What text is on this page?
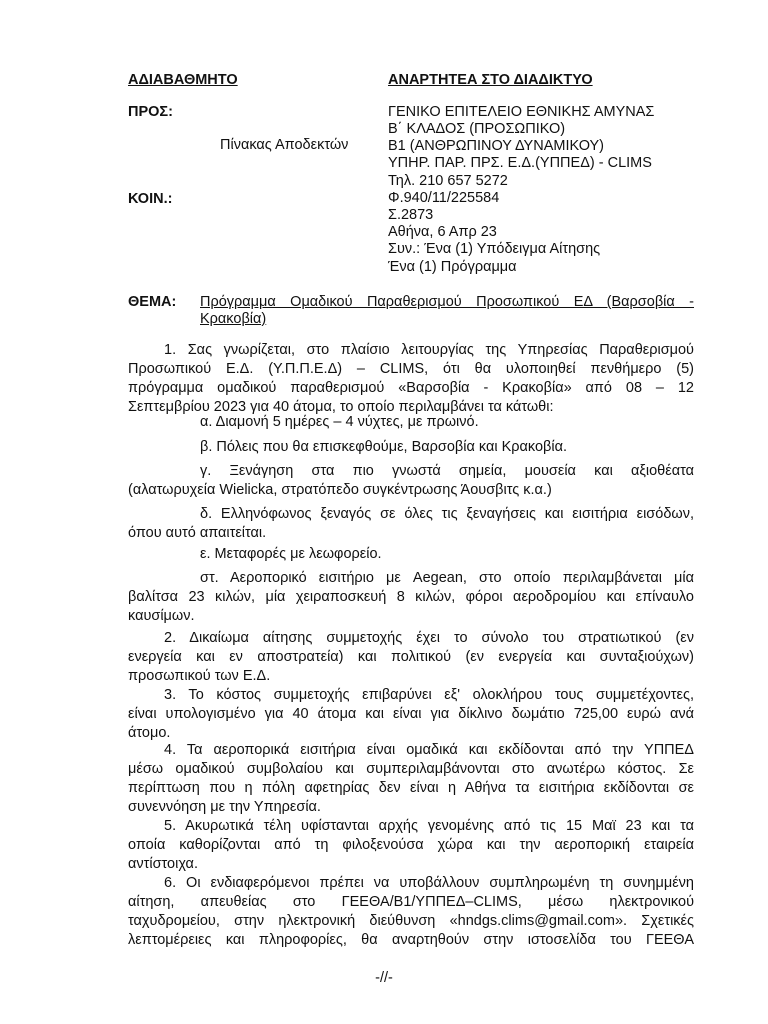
ΑΔΙΑΒΑΘΜΗΤΟ	ΑΝΑΡΤΗΤΕΑ ΣΤΟ ΔΙΑΔΙΚΤΥΟ
ΠΡΟΣ:
Πίνακας Αποδεκτών
ΚΟΙΝ.:
ΓΕΝΙΚΟ ΕΠΙΤΕΛΕΙΟ ΕΘΝΙΚΗΣ ΑΜΥΝΑΣ
Β΄ ΚΛΑΔΟΣ (ΠΡΟΣΩΠΙΚΟ)
Β1 (ΑΝΘΡΩΠΙΝΟΥ ΔΥΝΑΜΙΚΟΥ)
ΥΠΗΡ. ΠΑΡ. ΠΡΣ. Ε.Δ.(ΥΠΠΕΔ) - CLIMS
Τηλ. 210 657 5272
Φ.940/11/225584
Σ.2873
Αθήνα, 6 Απρ 23
Συν.: Ένα (1) Υπόδειγμα Αίτησης
Ένα (1) Πρόγραμμα
ΘΕΜΑ: Πρόγραμμα Ομαδικού Παραθερισμού Προσωπικού ΕΔ (Βαρσοβία -
Κρακοβία)
1. Σας γνωρίζεται, στο πλαίσιο λειτουργίας της Υπηρεσίας Παραθερισμού
Προσωπικού Ε.Δ. (Υ.Π.Π.Ε.Δ) – CLIMS, ότι θα υλοποιηθεί πενθήμερο (5)
πρόγραμμα ομαδικού παραθερισμού «Βαρσοβία - Κρακοβία» από 08 – 12
Σεπτεμβρίου 2023 για 40 άτομα, το οποίο περιλαμβάνει τα κάτωθι:
α. Διαμονή 5 ημέρες – 4 νύχτες, με πρωινό.
β. Πόλεις που θα επισκεφθούμε, Βαρσοβία και Κρακοβία.
γ. Ξενάγηση στα πιο γνωστά σημεία, μουσεία και αξιοθέατα
(αλατωρυχεία Wielicka, στρατόπεδο συγκέντρωσης Άουσβιτς κ.α.)
δ. Ελληνόφωνος ξεναγός σε όλες τις ξεναγήσεις και εισιτήρια εισόδων,
όπου αυτό απαιτείται.
ε. Μεταφορές με λεωφορείο.
στ. Αεροπορικό εισιτήριο με Aegean, στο οποίο περιλαμβάνεται μία
βαλίτσα 23 κιλών, μία χειραποσκευή 8 κιλών, φόροι αεροδρομίου και επίναυλο
καυσίμων.
2. Δικαίωμα αίτησης συμμετοχής έχει το σύνολο του στρατιωτικού (εν
ενεργεία και εν αποστρατεία) και πολιτικού (εν ενεργεία και συνταξιούχων)
προσωπικού των Ε.Δ.
3. Το κόστος συμμετοχής επιβαρύνει εξ' ολοκλήρου τους συμμετέχοντες,
είναι υπολογισμένο για 40 άτομα και είναι για δίκλινο δωμάτιο 725,00 ευρώ ανά
άτομο.
4. Τα αεροπορικά εισιτήρια είναι ομαδικά και εκδίδονται από την ΥΠΠΕΔ
μέσω ομαδικού συμβολαίου και συμπεριλαμβάνονται στο ανωτέρω κόστος. Σε
περίπτωση που η πόλη αφετηρίας δεν είναι η Αθήνα τα εισιτήρια εκδίδονται σε
συνεννόηση με την Υπηρεσία.
5. Ακυρωτικά τέλη υφίστανται αρχής γενομένης από τις 15 Μαϊ 23 και τα
οποία καθορίζονται από τη φιλοξενούσα χώρα και την αεροπορική εταιρεία
αντίστοιχα.
6. Οι ενδιαφερόμενοι πρέπει να υποβάλλουν συμπληρωμένη τη συνημμένη
αίτηση, απευθείας στο ΓΕΕΘΑ/Β1/ΥΠΠΕΔ–CLIMS, μέσω ηλεκτρονικού
ταχυδρομείου, στην ηλεκτρονική διεύθυνση «hndgs.clims@gmail.com». Σχετικές
λεπτομέρειες και πληροφορίες, θα αναρτηθούν στην ιστοσελίδα του ΓΕΕΘΑ
-//-
